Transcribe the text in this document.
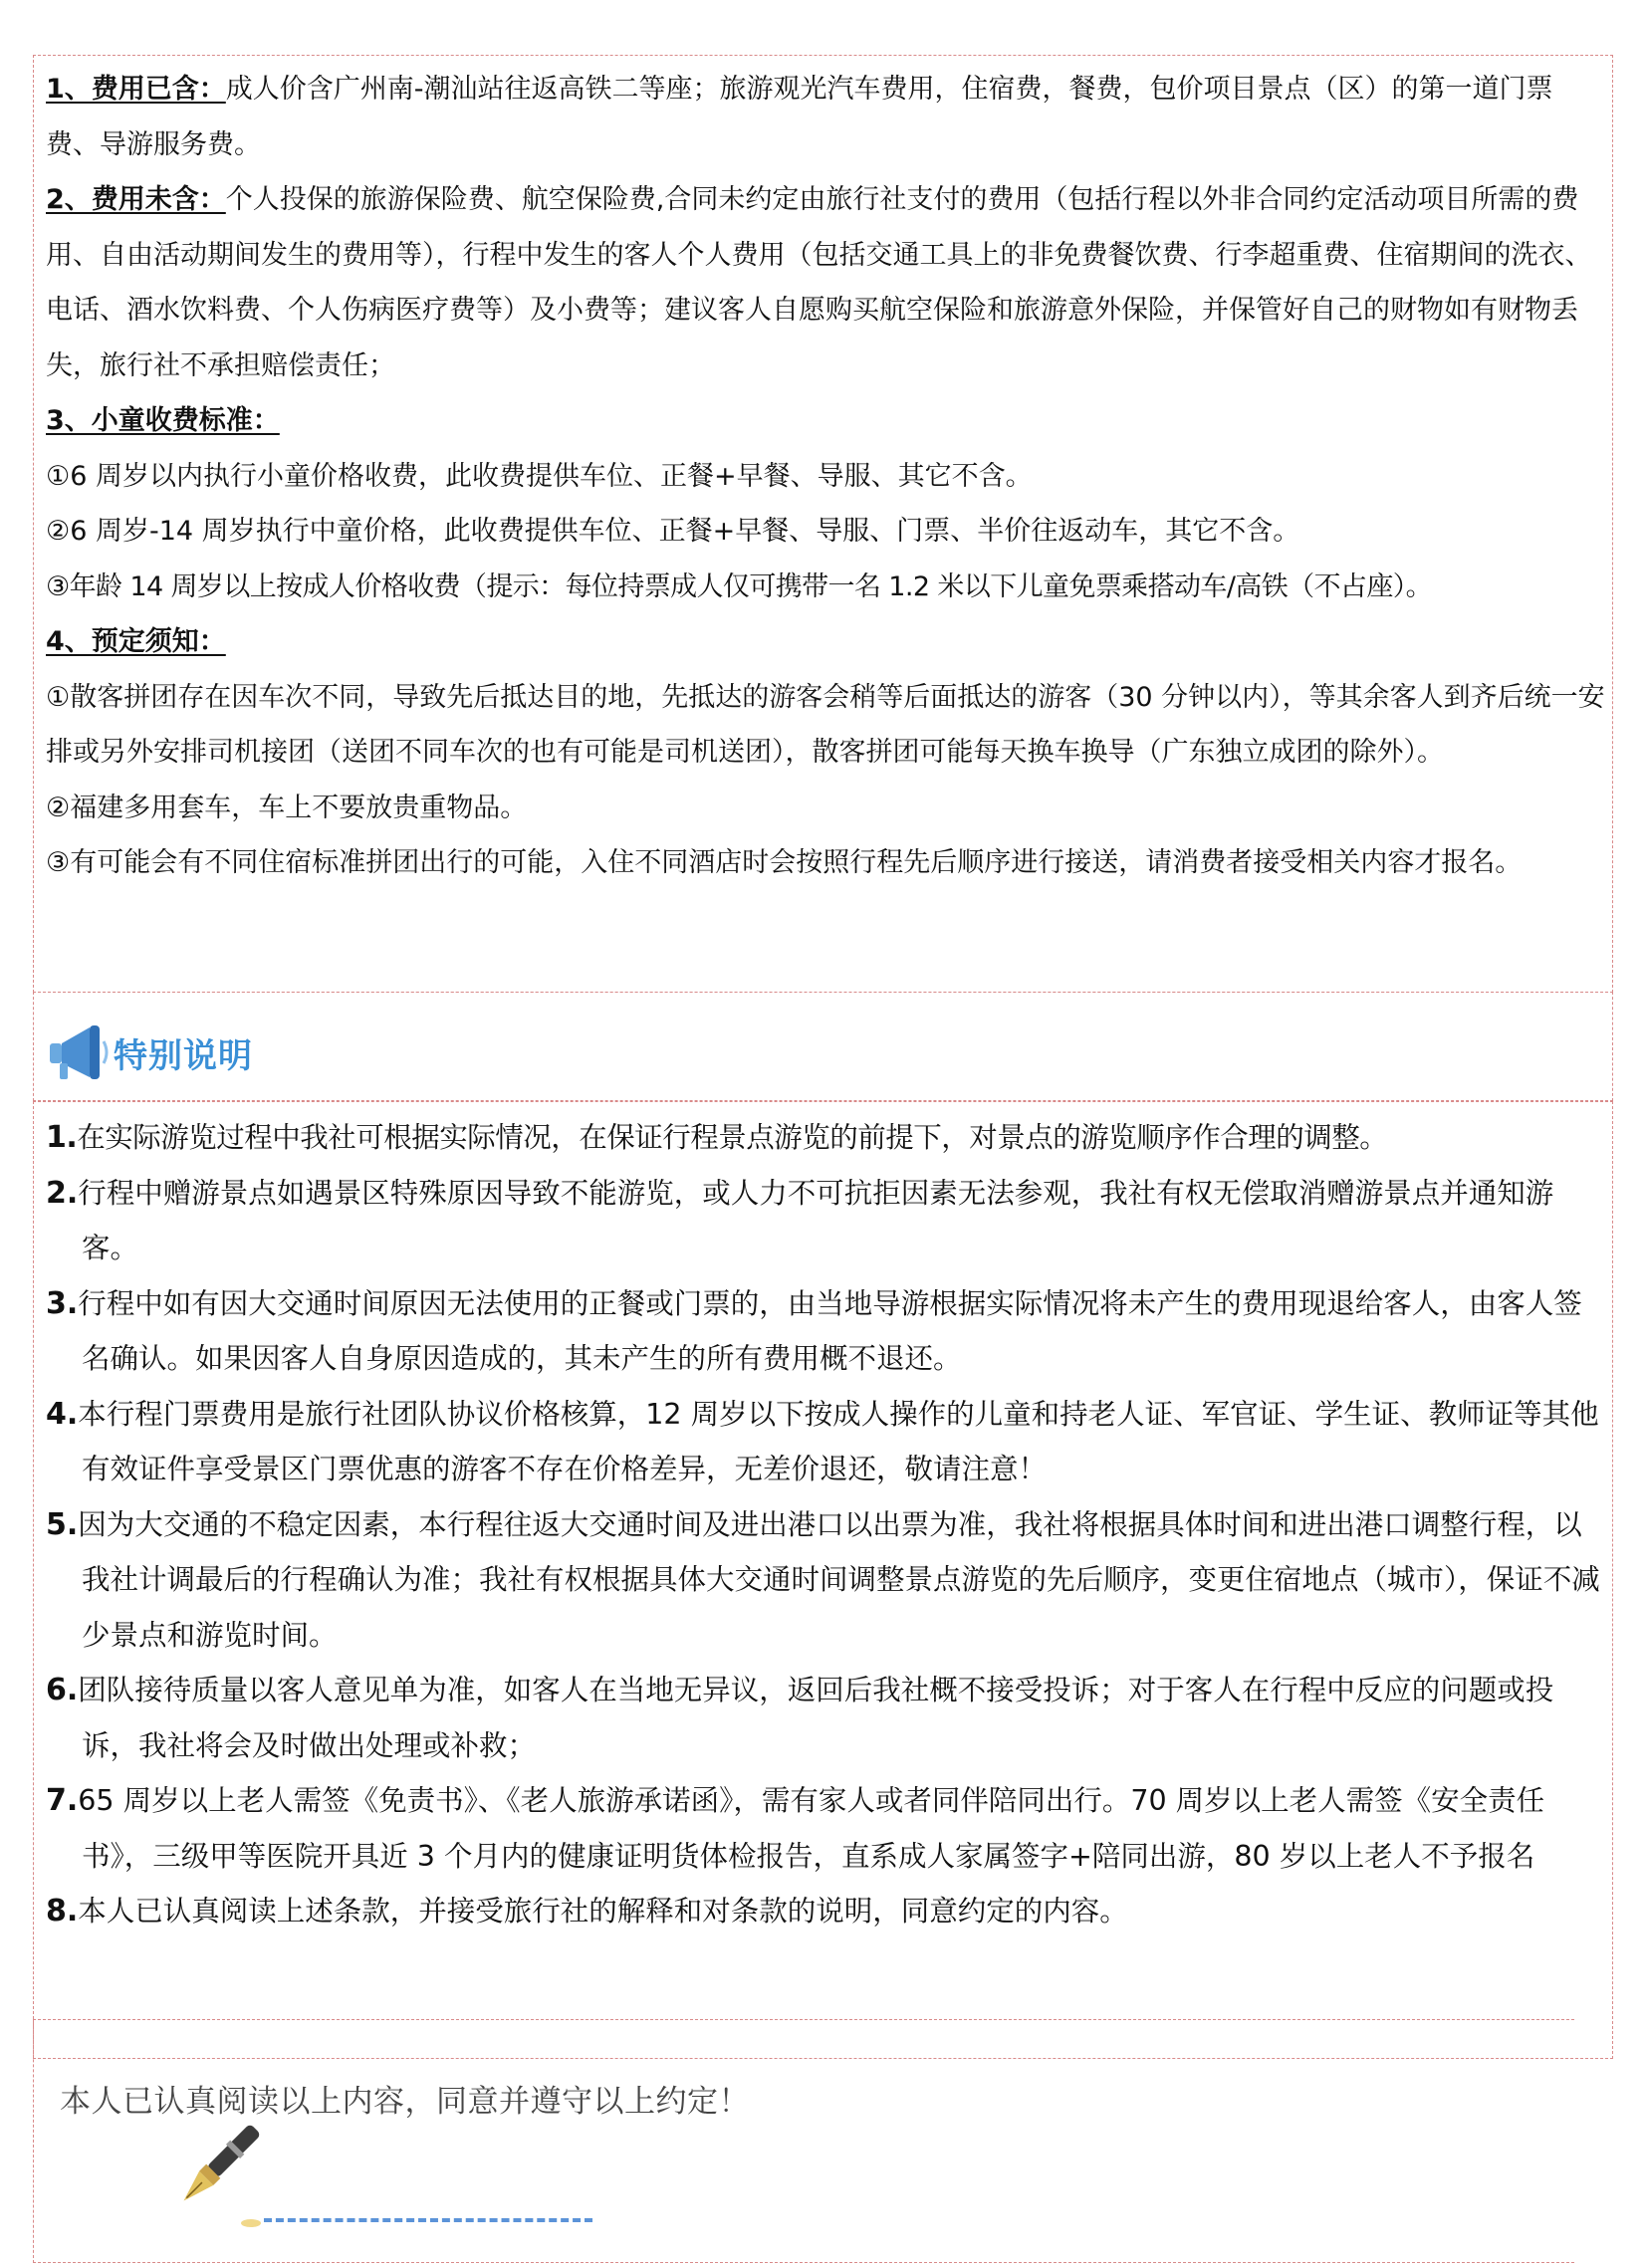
1、费用已含：成人价含广州南-潮汕站往返高铁二等座；旅游观光汽车费用，住宿费，餐费，包价项目景点（区）的第一道门票费、导游服务费。

2、费用未含：个人投保的旅游保险费、航空保险费,合同未约定由旅行社支付的费用（包括行程以外非合同约定活动项目所需的费用、自由活动期间发生的费用等），行程中发生的客人个人费用（包括交通工具上的非免费餐饮费、行李超重费、住宿期间的洗衣、电话、酒水饮料费、个人伤病医疗费等）及小费等；建议客人自愿购买航空保险和旅游意外保险，并保管好自己的财物如有财物丢失，旅行社不承担赔偿责任；

3、小童收费标准：

①6 周岁以内执行小童价格收费，此收费提供车位、正餐+早餐、导服、其它不含。

②6 周岁-14 周岁执行中童价格，此收费提供车位、正餐+早餐、导服、门票、半价往返动车，其它不含。

③年龄 14 周岁以上按成人价格收费（提示：每位持票成人仅可携带一名 1.2 米以下儿童免票乘搭动车/高铁（不占座）。

4、预定须知：

①散客拼团存在因车次不同，导致先后抵达目的地，先抵达的游客会稍等后面抵达的游客（30 分钟以内），等其余客人到齐后统一安排或另外安排司机接团（送团不同车次的也有可能是司机送团），散客拼团可能每天换车换导（广东独立成团的除外）。

②福建多用套车，车上不要放贵重物品。

③有可能会有不同住宿标准拼团出行的可能，入住不同酒店时会按照行程先后顺序进行接送，请消费者接受相关内容才报名。

特别说明

1.在实际游览过程中我社可根据实际情况，在保证行程景点游览的前提下，对景点的游览顺序作合理的调整。

2.行程中赠游景点如遇景区特殊原因导致不能游览，或人力不可抗拒因素无法参观，我社有权无偿取消赠游景点并通知游客。

3.行程中如有因大交通时间原因无法使用的正餐或门票的，由当地导游根据实际情况将未产生的费用现退给客人，由客人签名确认。如果因客人自身原因造成的，其未产生的所有费用概不退还。

4.本行程门票费用是旅行社团队协议价格核算，12 周岁以下按成人操作的儿童和持老人证、军官证、学生证、教师证等其他有效证件享受景区门票优惠的游客不存在价格差异，无差价退还，敬请注意！

5.因为大交通的不稳定因素，本行程往返大交通时间及进出港口以出票为准，我社将根据具体时间和进出港口调整行程，以我社计调最后的行程确认为准；我社有权根据具体大交通时间调整景点游览的先后顺序，变更住宿地点（城市），保证不减少景点和游览时间。

6.团队接待质量以客人意见单为准，如客人在当地无异议，返回后我社概不接受投诉；对于客人在行程中反应的问题或投诉，我社将会及时做出处理或补救；

7.65 周岁以上老人需签《免责书》、《老人旅游承诺函》，需有家人或者同伴陪同出行。70 周岁以上老人需签《安全责任书》，三级甲等医院开具近 3 个月内的健康证明货体检报告，直系成人家属签字+陪同出游，80 岁以上老人不予报名

8.本人已认真阅读上述条款，并接受旅行社的解释和对条款的说明，同意约定的内容。

本人已认真阅读以上内容，同意并遵守以上约定！
